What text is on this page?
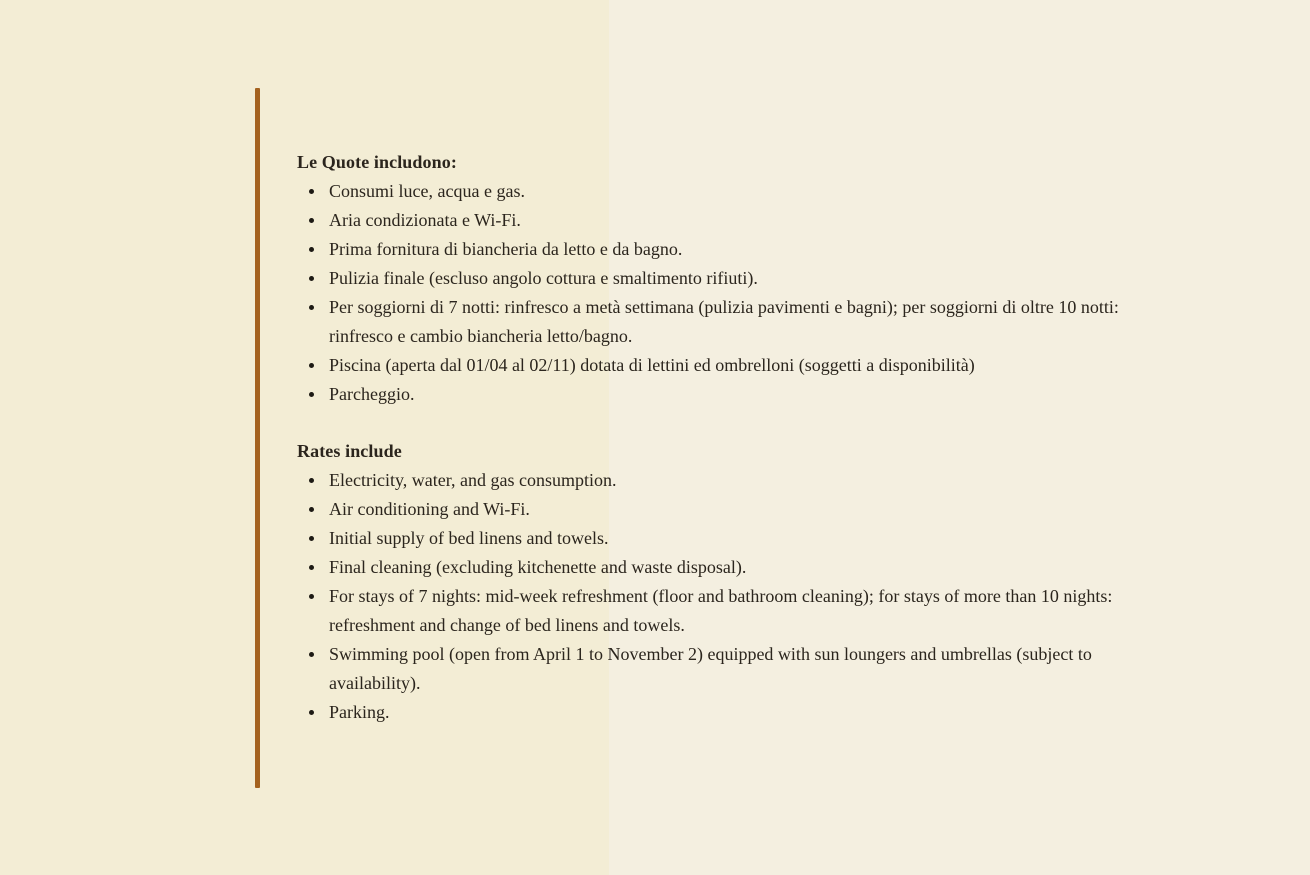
Le Quote includono:
Consumi luce, acqua e gas.
Aria condizionata e Wi-Fi.
Prima fornitura di biancheria da letto e da bagno.
Pulizia finale (escluso angolo cottura e smaltimento rifiuti).
Per soggiorni di 7 notti: rinfresco a metà settimana (pulizia pavimenti e bagni); per soggiorni di oltre 10 notti: rinfresco e cambio biancheria letto/bagno.
Piscina (aperta dal 01/04 al 02/11) dotata di lettini ed ombrelloni (soggetti a disponibilità)
Parcheggio.
Rates include
Electricity, water, and gas consumption.
Air conditioning and Wi-Fi.
Initial supply of bed linens and towels.
Final cleaning (excluding kitchenette and waste disposal).
For stays of 7 nights: mid-week refreshment (floor and bathroom cleaning); for stays of more than 10 nights: refreshment and change of bed linens and towels.
Swimming pool (open from April 1 to November 2) equipped with sun loungers and umbrellas (subject to availability).
Parking.
